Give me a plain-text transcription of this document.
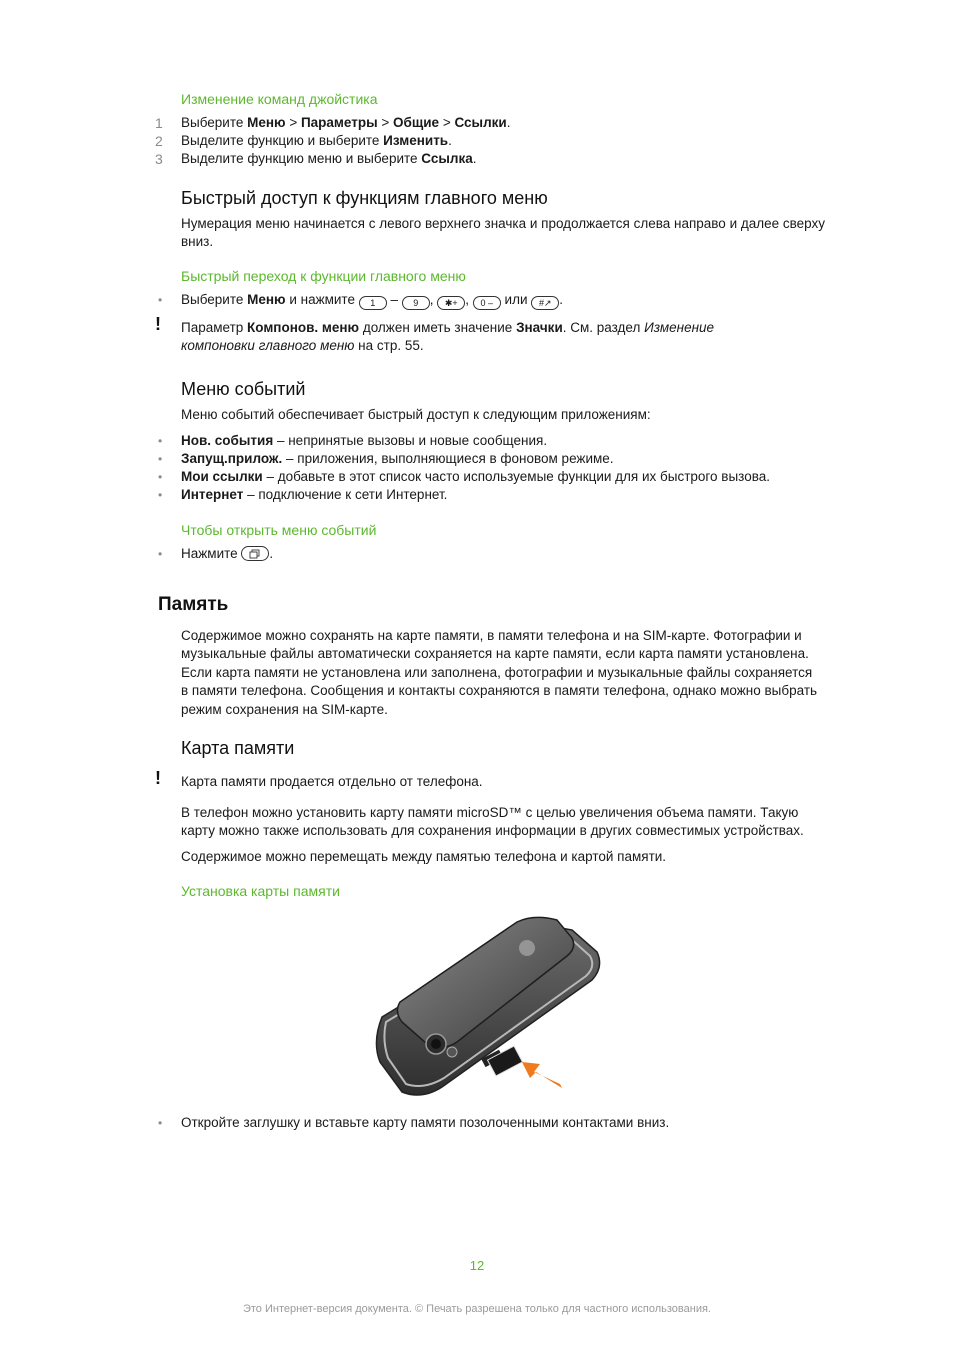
Изменение команд джойстика
1 Выберите Меню > Параметры > Общие > Ссылки.
2 Выделите функцию и выберите Изменить.
3 Выделите функцию меню и выберите Ссылка.
Быстрый доступ к функциям главного меню
Нумерация меню начинается с левого верхнего значка и продолжается слева направо и далее сверху
вниз.
Быстрый переход к функции главного меню
• Выберите Меню и нажмите 1 – 9 , ✱+ , 0 – или #↗ .
! Параметр Компонов. меню должен иметь значение Значки. См. раздел Изменение
компоновки главного меню на стр. 55.
Меню событий
Меню событий обеспечивает быстрый доступ к следующим приложениям:
• Нов. события – непринятые вызовы и новые сообщения.
• Запущ.прилож. – приложения, выполняющиеся в фоновом режиме.
• Мои ссылки – добавьте в этот список часто используемые функции для их быстрого вызова.
• Интернет – подключение к сети Интернет.
Чтобы открыть меню событий
• Нажмите .
Память
Содержимое можно сохранять на карте памяти, в памяти телефона и на SIM-карте. Фотографии и
музыкальные файлы автоматически сохраняется на карте памяти, если карта памяти установлена.
Если карта памяти не установлена или заполнена, фотографии и музыкальные файлы сохраняется
в памяти телефона. Сообщения и контакты сохраняются в памяти телефона, однако можно выбрать
режим сохранения на SIM-карте.
Карта памяти
! Карта памяти продается отдельно от телефона.
В телефон можно установить карту памяти microSD™ с целью увеличения объема памяти. Такую
карту можно также использовать для сохранения информации в других совместимых устройствах.
Содержимое можно перемещать между памятью телефона и картой памяти.
Установка карты памяти
• Откройте заглушку и вставьте карту памяти позолоченными контактами вниз.
12
Это Интернет-версия документа. © Печать разрешена только для частного использования.
